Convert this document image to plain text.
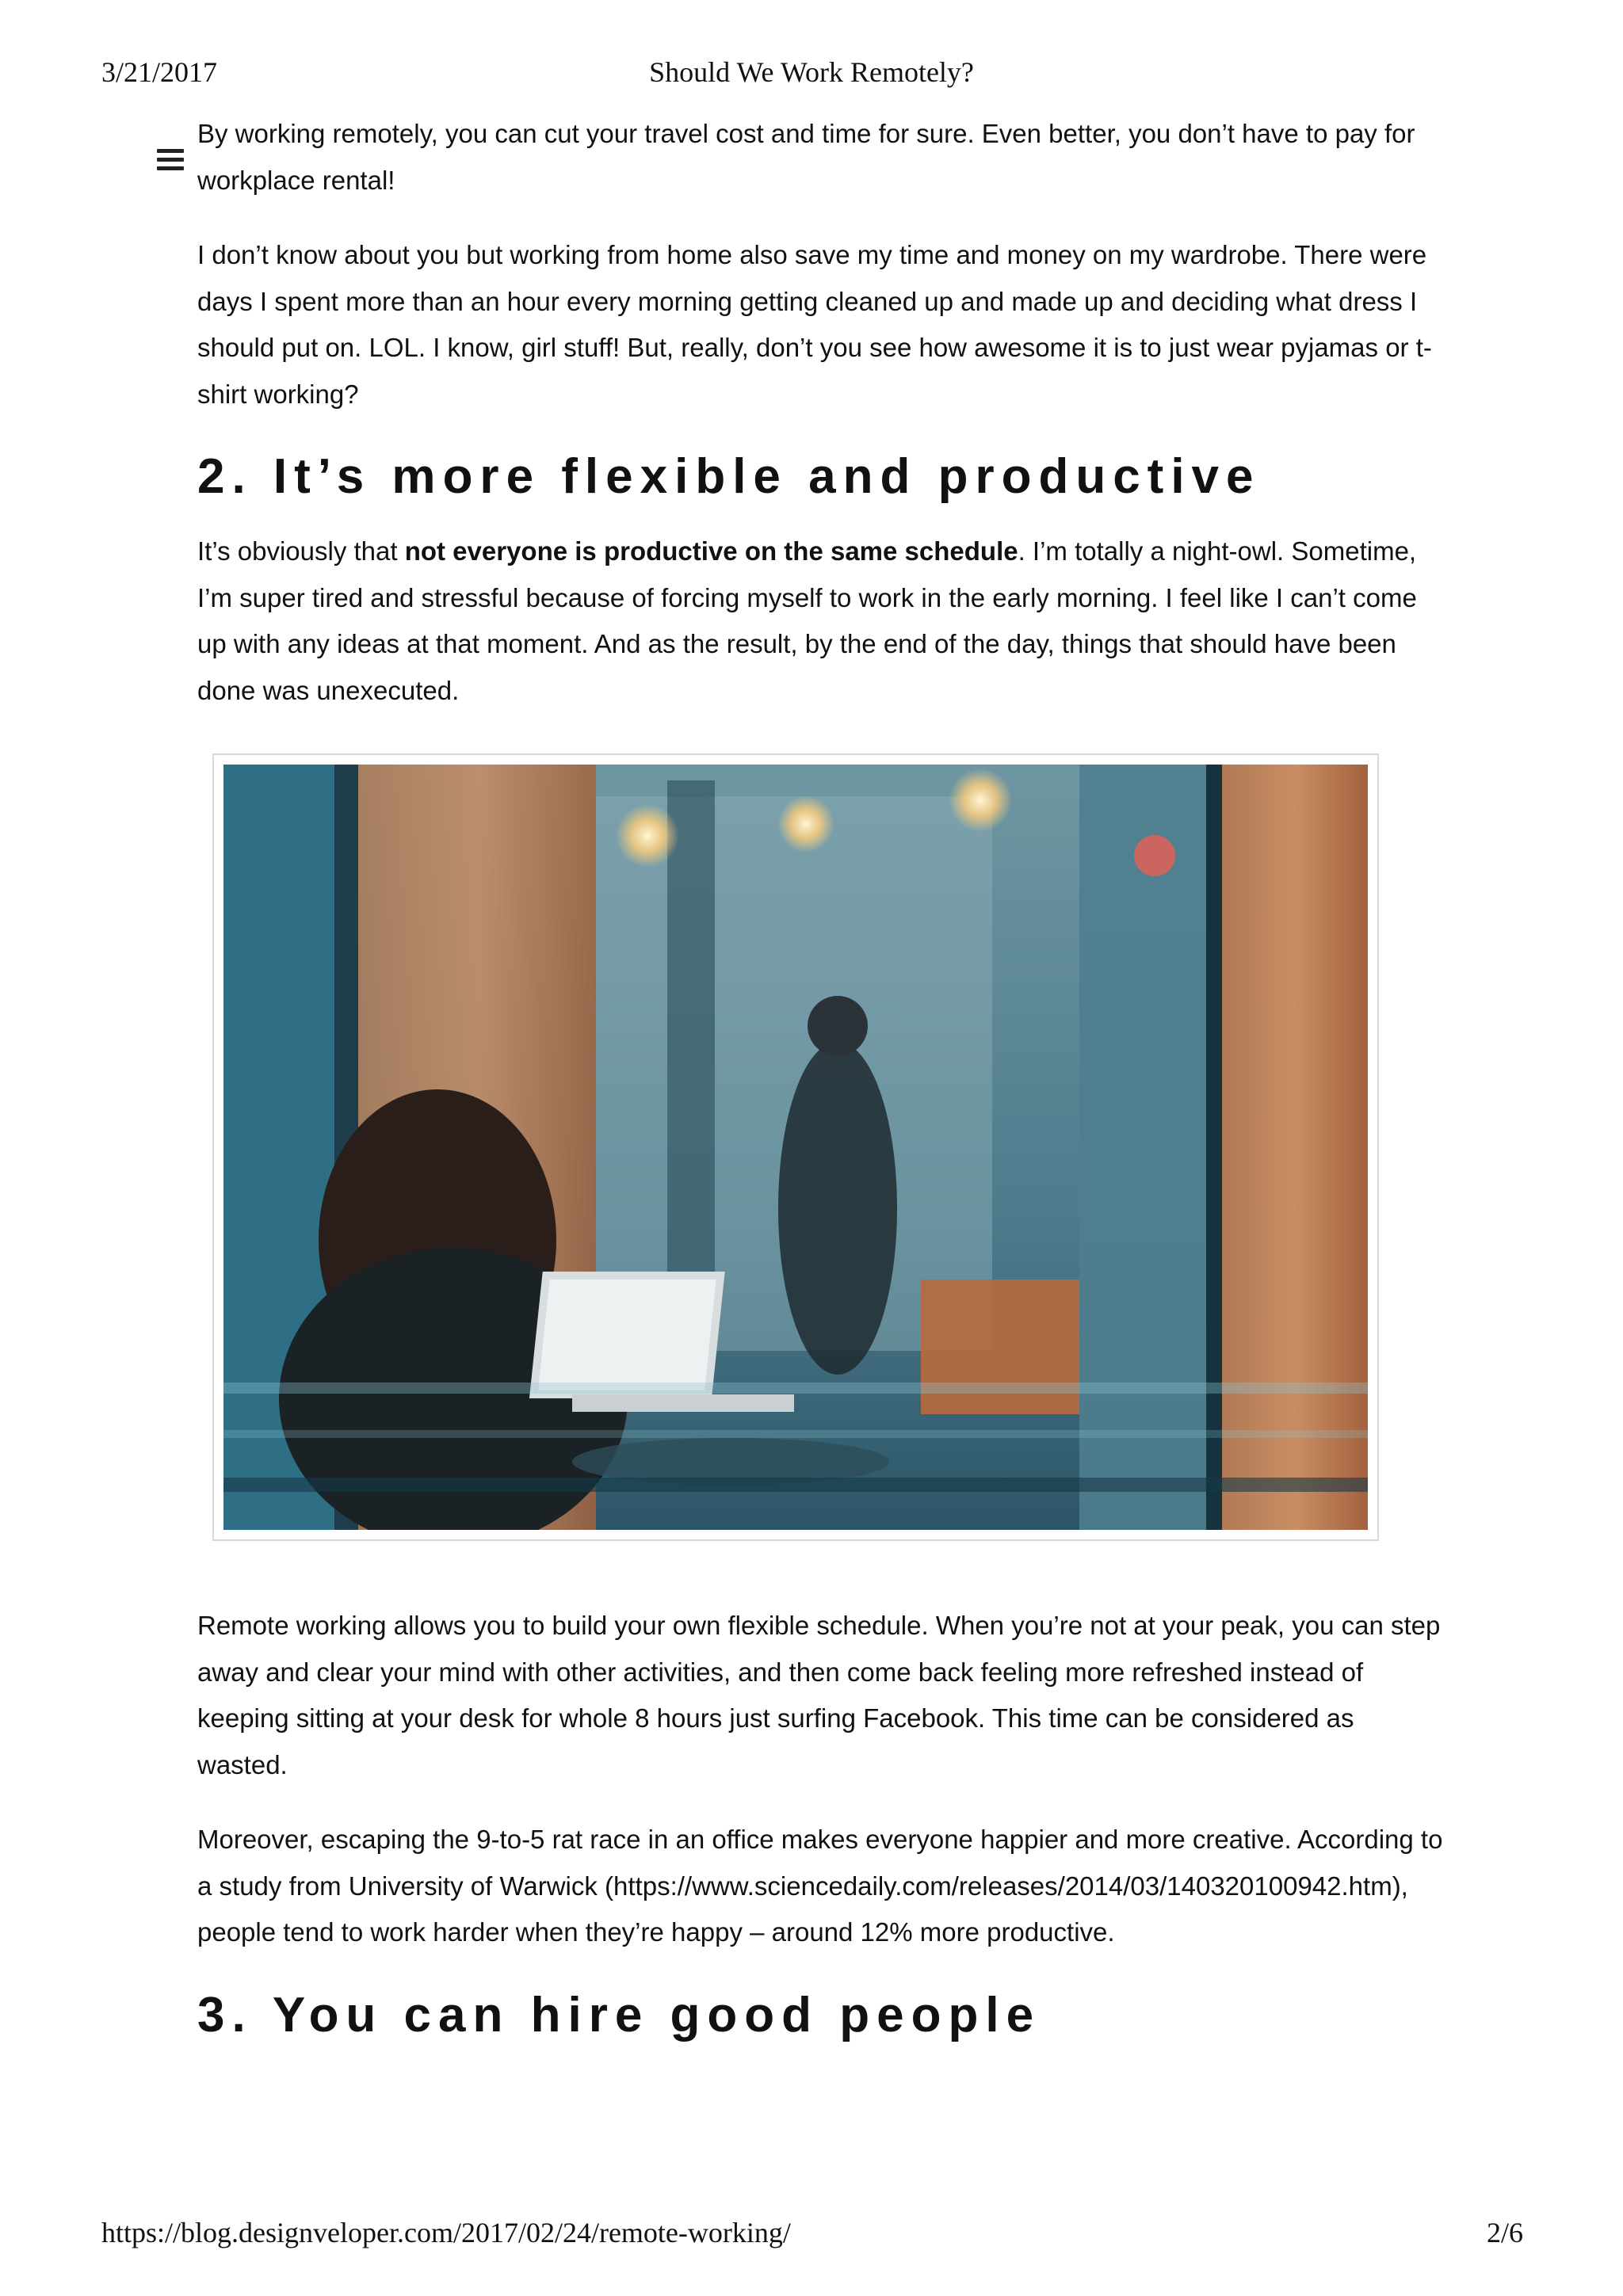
3/21/2017	Should We Work Remotely?

By working remotely, you can cut your travel cost and time for sure. Even better, you don’t have to pay for workplace rental!

I don’t know about you but working from home also save my time and money on my wardrobe. There were days I spent more than an hour every morning getting cleaned up and made up and deciding what dress I should put on. LOL. I know, girl stuff! But, really, don’t you see how awesome it is to just wear pyjamas or t-shirt working?

2. It’s more flexible and productive

It’s obviously that not everyone is productive on the same schedule. I’m totally a night-owl. Sometime, I’m super tired and stressful because of forcing myself to work in the early morning. I feel like I can’t come up with any ideas at that moment. And as the result, by the end of the day, things that should have been done was unexecuted.

Remote working allows you to build your own flexible schedule. When you’re not at your peak, you can step away and clear your mind with other activities, and then come back feeling more refreshed instead of keeping sitting at your desk for whole 8 hours just surfing Facebook. This time can be considered as wasted.

Moreover, escaping the 9-to-5 rat race in an office makes everyone happier and more creative. According to a study from University of Warwick (https://www.sciencedaily.com/releases/2014/03/140320100942.htm), people tend to work harder when they’re happy – around 12% more productive.

3. You can hire good people
https://blog.designveloper.com/2017/02/24/remote-working/	2/6
